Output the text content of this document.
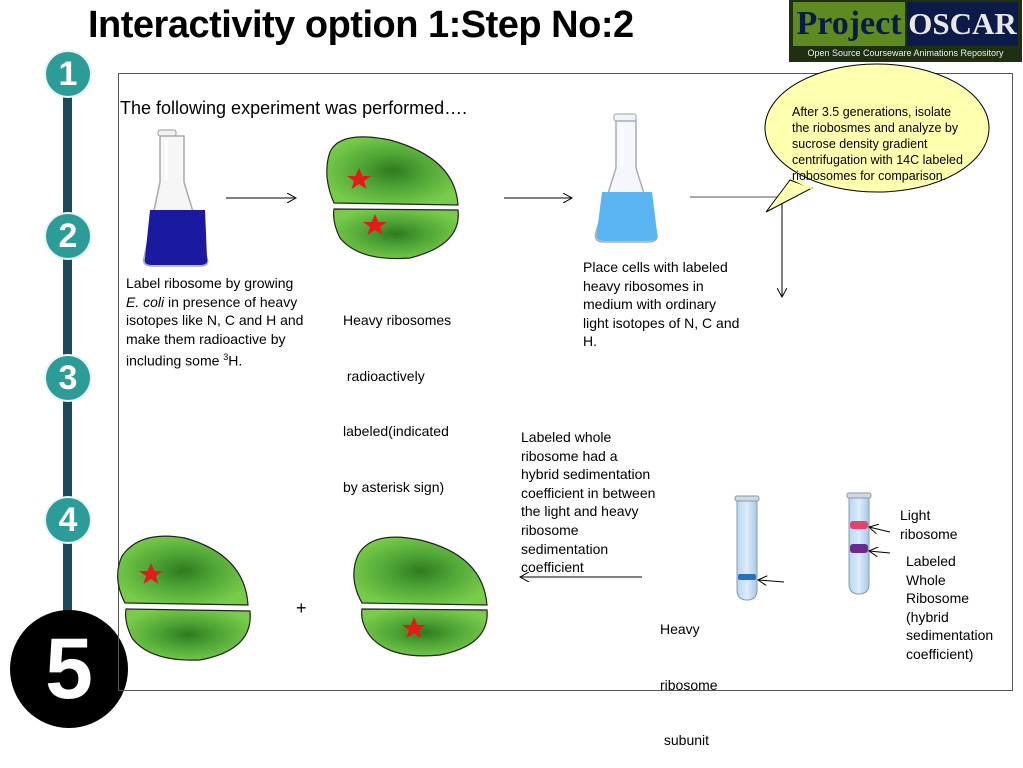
Interactivity option 1:Step No:2	Project OSCAR
Open Source Courseware Animations Repository
1
2
3
4
5
The following experiment was performed….
Label ribosome by growing
E. coli in presence of heavy
isotopes like N, C and H and
make them radioactive by
including some $^3$H.

Heavy ribosomes

radioactively

labeled(indicated

by asterisk sign)

Place cells with labeled
heavy ribosomes in
medium with ordinary
light isotopes of N, C and
H.
After 3.5 generations, isolate
the riobosmes and analyze by
sucrose density gradient
centrifugation with 14C labeled
riobosomes for comparison.
Labeled whole
ribosome had a
hybrid sedimentation
coefficient in between
the light and heavy
ribosome
sedimentation
coefficient

Heavy

ribosome

subunit

Light
ribosome
Labeled
Whole
Ribosome
(hybrid
sedimentation
coefficient)
+
